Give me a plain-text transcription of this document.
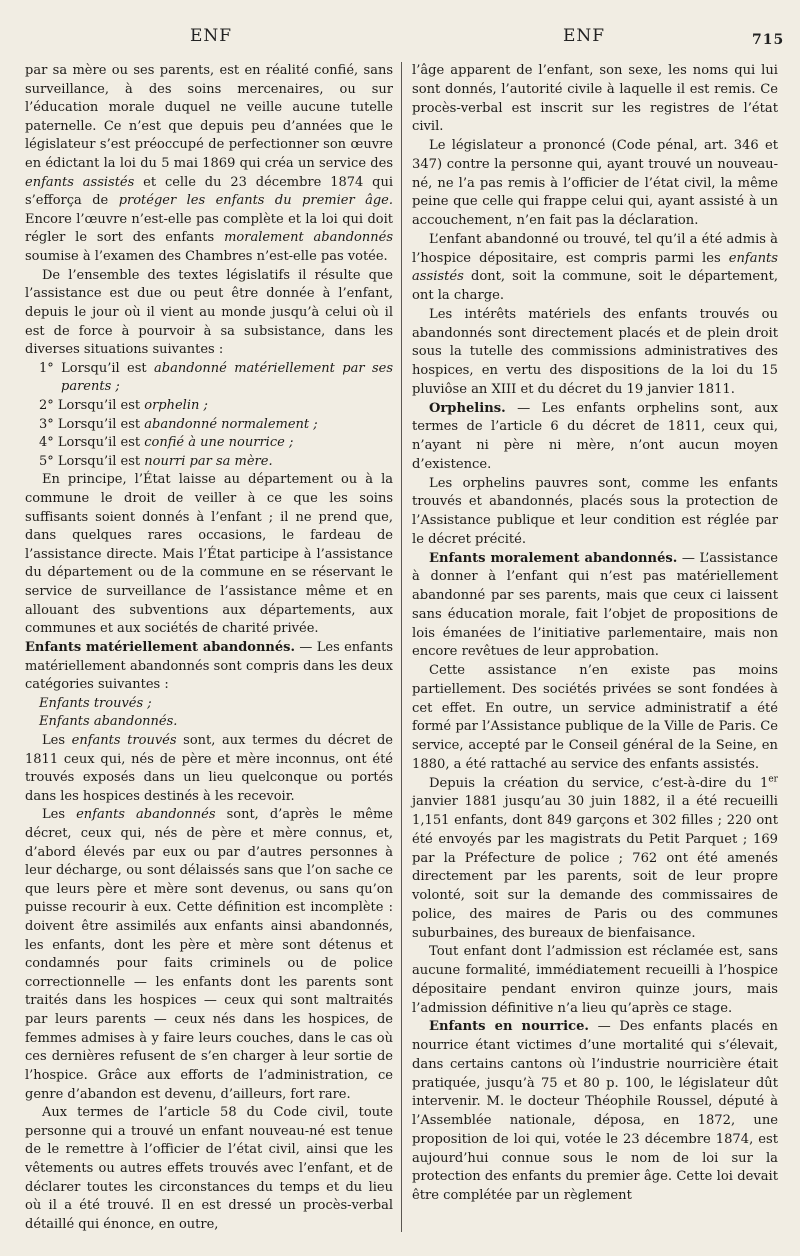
ENF	ENF	715

par sa mère ou ses parents, est en réalité confié, sans surveillance, à des soins mercenaires, ou sur l’éducation morale duquel ne veille aucune tutelle paternelle. Ce n’est que depuis peu d’années que le législateur s’est préoccupé de perfectionner son œuvre en édictant la loi du 5 mai 1869 qui créa un service des enfants assistés et celle du 23 décembre 1874 qui s’efforça de protéger les enfants du premier âge. Encore l’œuvre n’est-elle pas complète et la loi qui doit régler le sort des enfants moralement abandonnés soumise à l’examen des Chambres n’est-elle pas votée.

De l’ensemble des textes législatifs il résulte que l’assistance est due ou peut être donnée à l’enfant, depuis le jour où il vient au monde jusqu’à celui où il est de force à pourvoir à sa subsistance, dans les diverses situations suivantes :

1° Lorsqu’il est abandonné matériellement par ses parents ;

2° Lorsqu’il est orphelin ;

3° Lorsqu’il est abandonné normalement ;

4° Lorsqu’il est confié à une nourrice ;

5° Lorsqu’il est nourri par sa mère.

En principe, l’État laisse au département ou à la commune le droit de veiller à ce que les soins suffisants soient donnés à l’enfant ; il ne prend que, dans quelques rares occasions, le fardeau de l’assistance directe. Mais l’État participe à l’assistance du département ou de la commune en se réservant le service de surveillance de l’assistance même et en allouant des subventions aux départements, aux communes et aux sociétés de charité privée.

Enfants matériellement abandonnés. — Les enfants matériellement abandonnés sont compris dans les deux catégories suivantes :

Enfants trouvés ;

Enfants abandonnés.

Les enfants trouvés sont, aux termes du décret de 1811 ceux qui, nés de père et mère inconnus, ont été trouvés exposés dans un lieu quelconque ou portés dans les hospices destinés à les recevoir.

Les enfants abandonnés sont, d’après le même décret, ceux qui, nés de père et mère connus, et, d’abord élevés par eux ou par d’autres personnes à leur décharge, ou sont délaissés sans que l’on sache ce que leurs père et mère sont devenus, ou sans qu’on puisse recourir à eux. Cette définition est incomplète : doivent être assimilés aux enfants ainsi abandonnés, les enfants, dont les père et mère sont détenus et condamnés pour faits criminels ou de police correctionnelle — les enfants dont les parents sont traités dans les hospices — ceux qui sont maltraités par leurs parents — ceux nés dans les hospices, de femmes admises à y faire leurs couches, dans le cas où ces dernières refusent de s’en charger à leur sortie de l’hospice. Grâce aux efforts de l’administration, ce genre d’abandon est devenu, d’ailleurs, fort rare.

Aux termes de l’article 58 du Code civil, toute personne qui a trouvé un enfant nouveau-né est tenue de le remettre à l’officier de l’état civil, ainsi que les vêtements ou autres effets trouvés avec l’enfant, et de déclarer toutes les circonstances du temps et du lieu où il a été trouvé. Il en est dressé un procès-verbal détaillé qui énonce, en outre,

l’âge apparent de l’enfant, son sexe, les noms qui lui sont donnés, l’autorité civile à laquelle il est remis. Ce procès-verbal est inscrit sur les registres de l’état civil.

Le législateur a prononcé (Code pénal, art. 346 et 347) contre la personne qui, ayant trouvé un nouveau-né, ne l’a pas remis à l’officier de l’état civil, la même peine que celle qui frappe celui qui, ayant assisté à un accouchement, n’en fait pas la déclaration.

L’enfant abandonné ou trouvé, tel qu’il a été admis à l’hospice dépositaire, est compris parmi les enfants assistés dont, soit la commune, soit le département, ont la charge.

Les intérêts matériels des enfants trouvés ou abandonnés sont directement placés et de plein droit sous la tutelle des commissions administratives des hospices, en vertu des dispositions de la loi du 15 pluviôse an XIII et du décret du 19 janvier 1811.

Orphelins. — Les enfants orphelins sont, aux termes de l’article 6 du décret de 1811, ceux qui, n’ayant ni père ni mère, n’ont aucun moyen d’existence.

Les orphelins pauvres sont, comme les enfants trouvés et abandonnés, placés sous la protection de l’Assistance publique et leur condition est réglée par le décret précité.

Enfants moralement abandonnés. — L’assistance à donner à l’enfant qui n’est pas matériellement abandonné par ses parents, mais que ceux ci laissent sans éducation morale, fait l’objet de propositions de lois émanées de l’initiative parlementaire, mais non encore revêtues de leur approbation.

Cette assistance n’en existe pas moins partiellement. Des sociétés privées se sont fondées à cet effet. En outre, un service administratif a été formé par l’Assistance publique de la Ville de Paris. Ce service, accepté par le Conseil général de la Seine, en 1880, a été rattaché au service des enfants assistés.

Depuis la création du service, c’est-à-dire du 1er janvier 1881 jusqu’au 30 juin 1882, il a été recueilli 1,151 enfants, dont 849 garçons et 302 filles ; 220 ont été envoyés par les magistrats du Petit Parquet ; 169 par la Préfecture de police ; 762 ont été amenés directement par les parents, soit de leur propre volonté, soit sur la demande des commissaires de police, des maires de Paris ou des communes suburbaines, des bureaux de bienfaisance.

Tout enfant dont l’admission est réclamée est, sans aucune formalité, immédiatement recueilli à l’hospice dépositaire pendant environ quinze jours, mais l’admission définitive n’a lieu qu’après ce stage.

Enfants en nourrice. — Des enfants placés en nourrice étant victimes d’une mortalité qui s’élevait, dans certains cantons où l’industrie nourricière était pratiquée, jusqu’à 75 et 80 p. 100, le législateur dût intervenir. M. le docteur Théophile Roussel, député à l’Assemblée nationale, déposa, en 1872, une proposition de loi qui, votée le 23 décembre 1874, est aujourd’hui connue sous le nom de loi sur la protection des enfants du premier âge. Cette loi devait être complétée par un règlement
